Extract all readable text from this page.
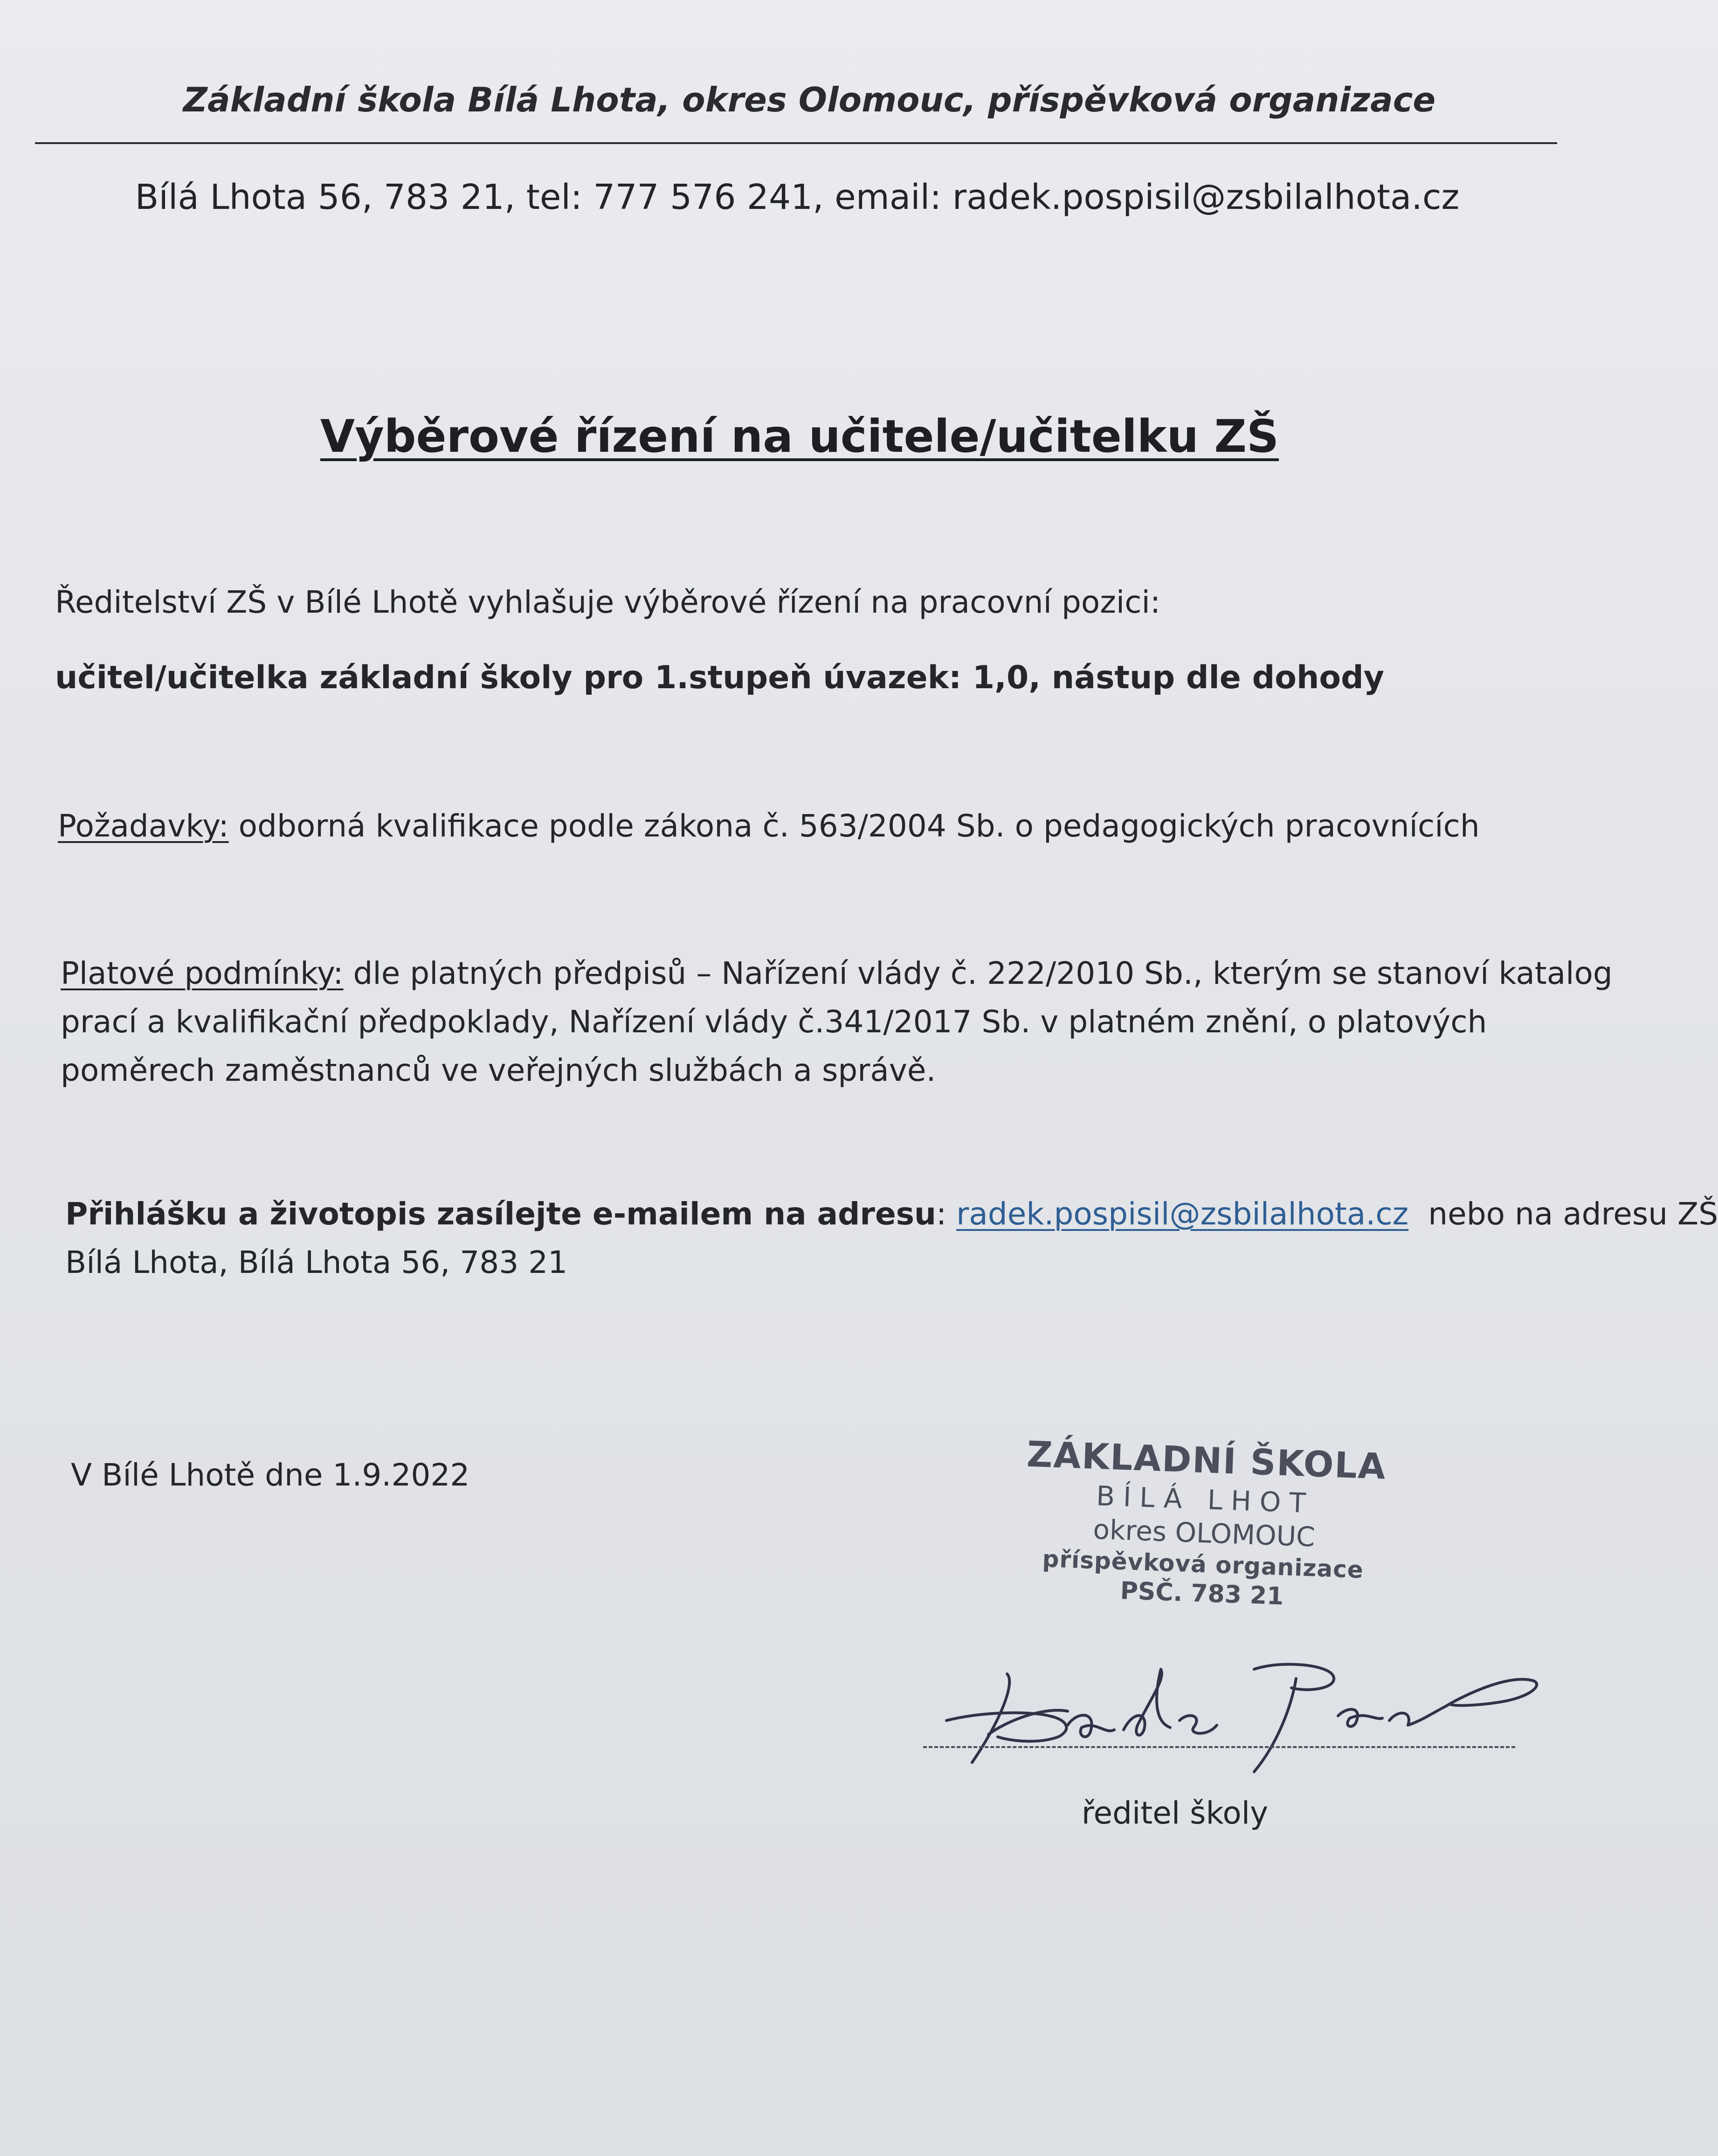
Základní škola Bílá Lhota, okres Olomouc, příspěvková organizace
Bílá Lhota 56, 783 21, tel: 777 576 241, email: radek.pospisil@zsbilalhota.cz
Výběrové řízení na učitele/učitelku ZŠ
Ředitelství ZŠ v Bílé Lhotě vyhlašuje výběrové řízení na pracovní pozici:
učitel/učitelka základní školy pro 1.stupeň úvazek: 1,0, nástup dle dohody
Požadavky: odborná kvalifikace podle zákona č. 563/2004 Sb. o pedagogických pracovnících
Platové podmínky: dle platných předpisů – Nařízení vlády č. 222/2010 Sb., kterým se stanoví katalog
prací a kvalifikační předpoklady, Nařízení vlády č.341/2017 Sb. v platném znění, o platových
poměrech zaměstnanců ve veřejných službách a správě.
Přihlášku a životopis zasílejte e-mailem na adresu: radek.pospisil@zsbilalhota.cz  nebo na adresu ZŠ
Bílá Lhota, Bílá Lhota 56, 783 21
V Bílé Lhotě dne 1.9.2022	ZÁKLADNÍ ŠKOLA
BÍLÁ LHOT
okres OLOMOUC
příspěvková organizace
PSČ. 783 21
ředitel školy
